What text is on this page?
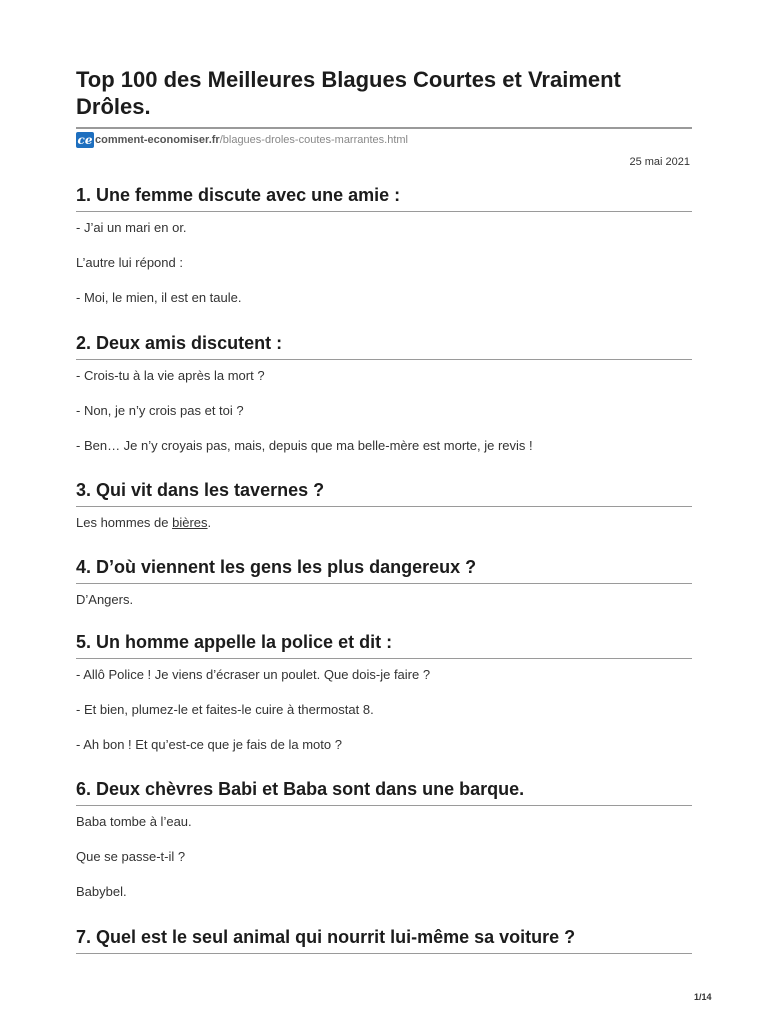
Top 100 des Meilleures Blagues Courtes et Vraiment Drôles.
ce comment-economiser.fr /blagues-droles-coutes-marrantes.html
25 mai 2021
1. Une femme discute avec une amie :

- J’ai un mari en or.

L’autre lui répond :

- Moi, le mien, il est en taule.

2. Deux amis discutent :

- Crois-tu à la vie après la mort ?

- Non, je n’y crois pas et toi ?

- Ben… Je n’y croyais pas, mais, depuis que ma belle-mère est morte, je revis !

3. Qui vit dans les tavernes ?

Les hommes de bières.

4. D’où viennent les gens les plus dangereux ?

D’Angers.

5. Un homme appelle la police et dit :

- Allô Police ! Je viens d’écraser un poulet. Que dois-je faire ?

- Et bien, plumez-le et faites-le cuire à thermostat 8.

- Ah bon ! Et qu’est-ce que je fais de la moto ?

6. Deux chèvres Babi et Baba sont dans une barque.

Baba tombe à l’eau.

Que se passe-t-il ?

Babybel.

7. Quel est le seul animal qui nourrit lui-même sa voiture ?
1/14
